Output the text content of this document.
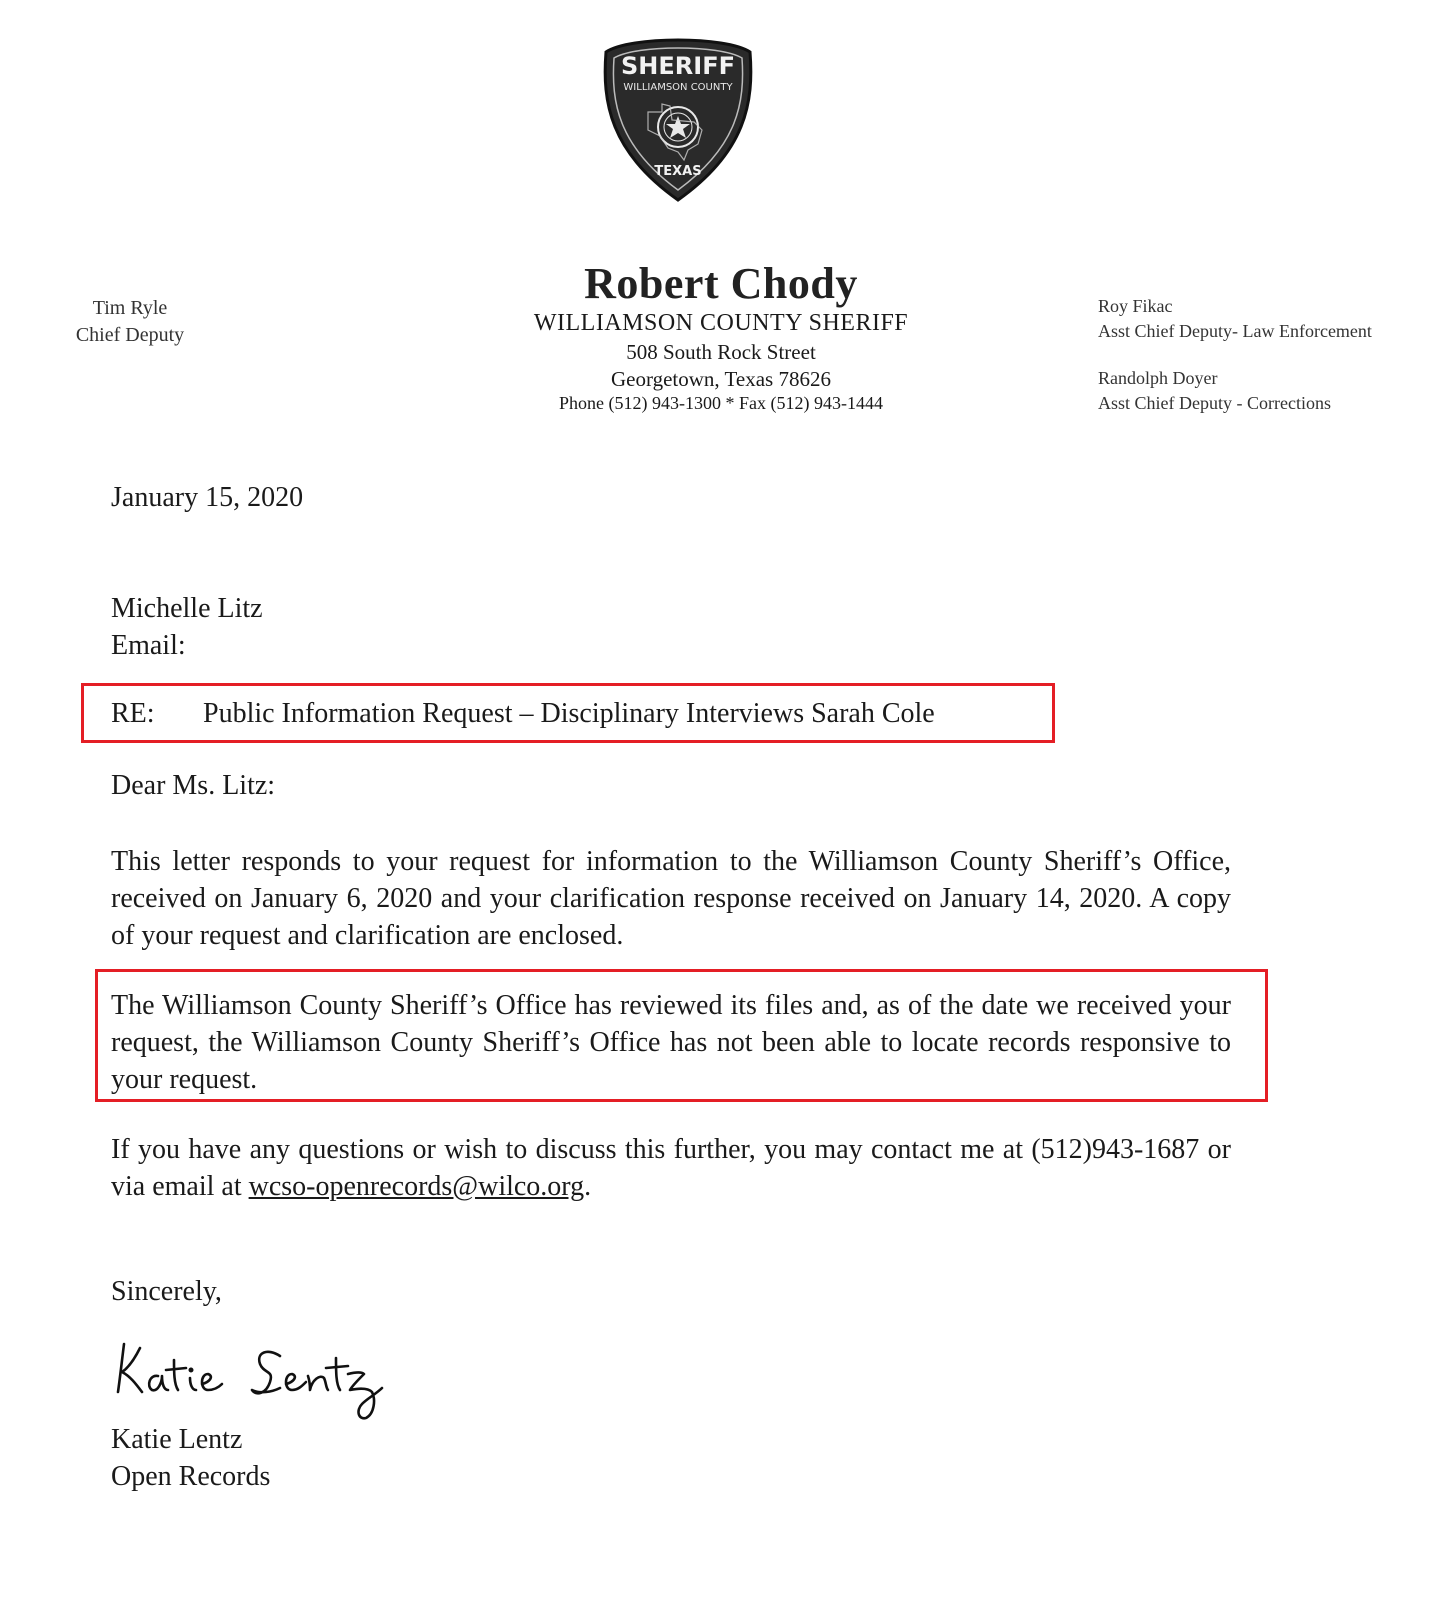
SHERIFF
WILLIAMSON COUNTY
TEXAS
Robert Chody
WILLIAMSON COUNTY SHERIFF
508 South Rock Street
Georgetown, Texas 78626
Phone (512) 943-1300 * Fax (512) 943-1444
Tim Ryle
Chief Deputy
Roy Fikac
Asst Chief Deputy- Law Enforcement
Randolph Doyer
Asst Chief Deputy - Corrections
January 15, 2020
Michelle Litz
Email:
RE: Public Information Request – Disciplinary Interviews Sarah Cole
Dear Ms. Litz:
This letter responds to your request for information to the Williamson County Sheriff’s Office, received on January 6, 2020 and your clarification response received on January 14, 2020. A copy of your request and clarification are enclosed.
The Williamson County Sheriff’s Office has reviewed its files and, as of the date we received your request, the Williamson County Sheriff’s Office has not been able to locate records responsive to your request.
If you have any questions or wish to discuss this further, you may contact me at (512)943-1687 or via email at wcso-openrecords@wilco.org.
Sincerely,
Katie Lentz
Open Records
